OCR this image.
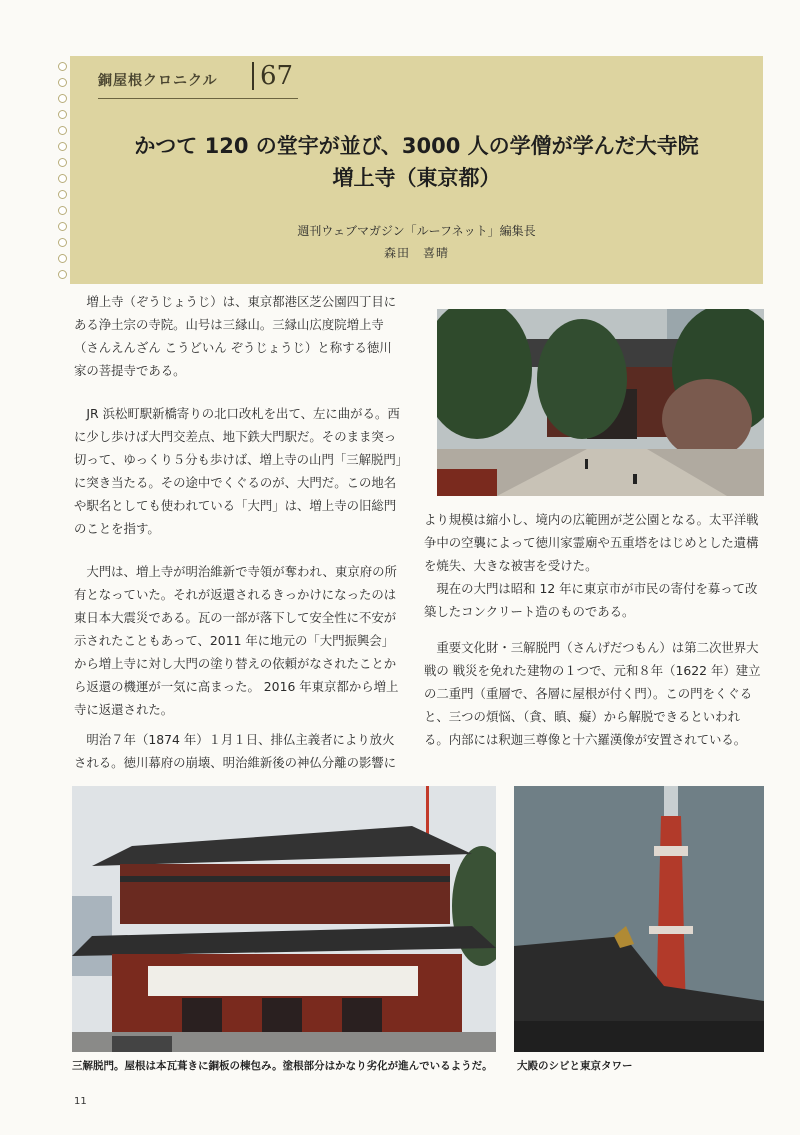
銅屋根クロニクル	67
かつて 120 の堂宇が並び、3000 人の学僧が学んだ大寺院
増上寺（東京都）
週刊ウェブマガジン「ルーフネット」編集長
森田　喜晴

増上寺（ぞうじょうじ）は、東京都港区芝公園四丁目にある浄土宗の寺院。山号は三縁山。三縁山広度院増上寺（さんえんざん こうどいん ぞうじょうじ）と称する徳川家の菩提寺である。

JR 浜松町駅新橋寄りの北口改札を出て、左に曲がる。西に少し歩けば大門交差点、地下鉄大門駅だ。そのまま突っ切って、ゆっくり５分も歩けば、増上寺の山門「三解脱門」に突き当たる。その途中でくぐるのが、大門だ。この地名や駅名としても使われている「大門」は、増上寺の旧総門のことを指す。

大門は、増上寺が明治維新で寺領が奪われ、東京府の所有となっていた。それが返還されるきっかけになったのは東日本大震災である。瓦の一部が落下して安全性に不安が示されたこともあって、2011 年に地元の「大門振興会」から増上寺に対し大門の塗り替えの依頼がなされたことから返還の機運が一気に高まった。 2016 年東京都から増上寺に返還された。

明治７年（1874 年）１月１日、排仏主義者により放火される。徳川幕府の崩壊、明治維新後の神仏分離の影響に

より規模は縮小し、境内の広範囲が芝公園となる。太平洋戦争中の空襲によって徳川家霊廟や五重塔をはじめとした遺構を焼失、大きな被害を受けた。

現在の大門は昭和 12 年に東京市が市民の寄付を募って改築したコンクリート造のものである。

重要文化財・三解脱門（さんげだつもん）は第二次世界大戦の 戦災を免れた建物の１つで、元和８年（1622 年）建立の二重門（重層で、各層に屋根が付く門）。この門をくぐると、三つの煩悩、（貪、瞋、癡）から解脱できるといわれる。内部には釈迦三尊像と十六羅漢像が安置されている。

三解脱門。屋根は本瓦葺きに銅板の棟包み。塗根部分はかなり劣化が進んでいるようだ。	大殿のシビと東京タワー
11
